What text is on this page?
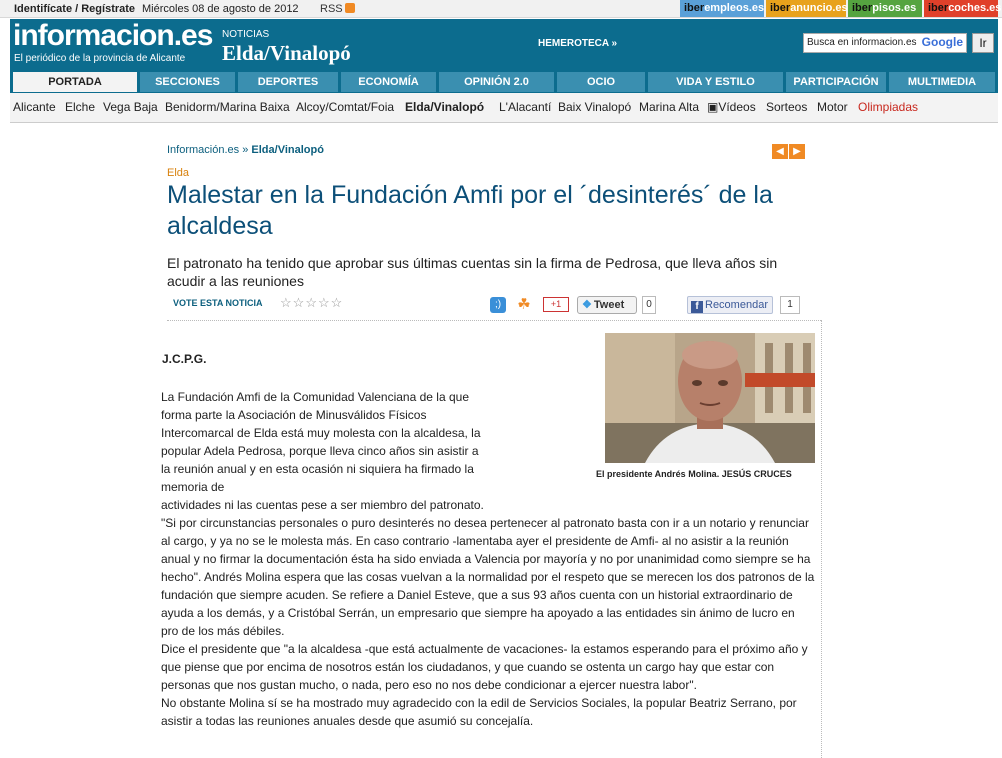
Identifícate / Regístrate Miércoles 08 de agosto de 2012 RSS	iberempleos.es iberanuncio.es iberpisos.es	ibercoches.es
informacion.es
El periódico de la provincia de Alicante
NOTICIAS
Elda/Vinalopó	HEMEROTECA »	Busca en informacion.es Google	Ir
PORTADA	SECCIONES	DEPORTES	ECONOMÍA	OPINIÓN 2.0	OCIO	VIDA Y ESTILO	PARTICIPACIÓN	MULTIMEDIA
Alicante Elche Vega Baja Benidorm/Marina Baixa Alcoy/Comtat/Foia Elda/Vinalopó L'Alacantí Baix Vinalopó Marina Alta ▣Vídeos Sorteos Motor Olimpiadas
Información.es » Elda/Vinalopó	◀ ▶
Elda
Malestar en la Fundación Amfi por el ´desinterés´ de la alcaldesa
El patronato ha tenido que aprobar sus últimas cuentas sin la firma de Pedrosa, que lleva años sin acudir a las reuniones
VOTE ESTA NOTICIA ☆☆☆☆☆	;)	☘	+1	❖ Tweet	0	f Recomendar	1
El presidente Andrés Molina. JESÚS CRUCES
J.C.P.G.
La Fundación Amfi de la Comunidad Valenciana de la que forma parte la Asociación de Minusválidos Físicos Intercomarcal de Elda está muy molesta con la alcaldesa, la popular Adela Pedrosa, porque lleva cinco años sin asistir a la reunión anual y en esta ocasión ni siquiera ha firmado la memoria de
actividades ni las cuentas pese a ser miembro del patronato.
"Si por circunstancias personales o puro desinterés no desea pertenecer al patronato basta con ir a un notario y renunciar al cargo, y ya no se le molesta más. En caso contrario -lamentaba ayer el presidente de Amfi- al no asistir a la reunión anual y no firmar la documentación ésta ha sido enviada a Valencia por mayoría y no por unanimidad como siempre se ha hecho". Andrés Molina espera que las cosas vuelvan a la normalidad por el respeto que se merecen los dos patronos de la fundación que siempre acuden. Se refiere a Daniel Esteve, que a sus 93 años cuenta con un historial extraordinario de ayuda a los demás, y a Cristóbal Serrán, un empresario que siempre ha apoyado a las entidades sin ánimo de lucro en pro de los más débiles.
Dice el presidente que "a la alcaldesa -que está actualmente de vacaciones- la estamos esperando para el próximo año y que piense que por encima de nosotros están los ciudadanos, y que cuando se ostenta un cargo hay que estar con personas que nos gustan mucho, o nada, pero eso no nos debe condicionar a ejercer nuestra labor".
No obstante Molina sí se ha mostrado muy agradecido con la edil de Servicios Sociales, la popular Beatriz Serrano, por asistir a todas las reuniones anuales desde que asumió su concejalía.
